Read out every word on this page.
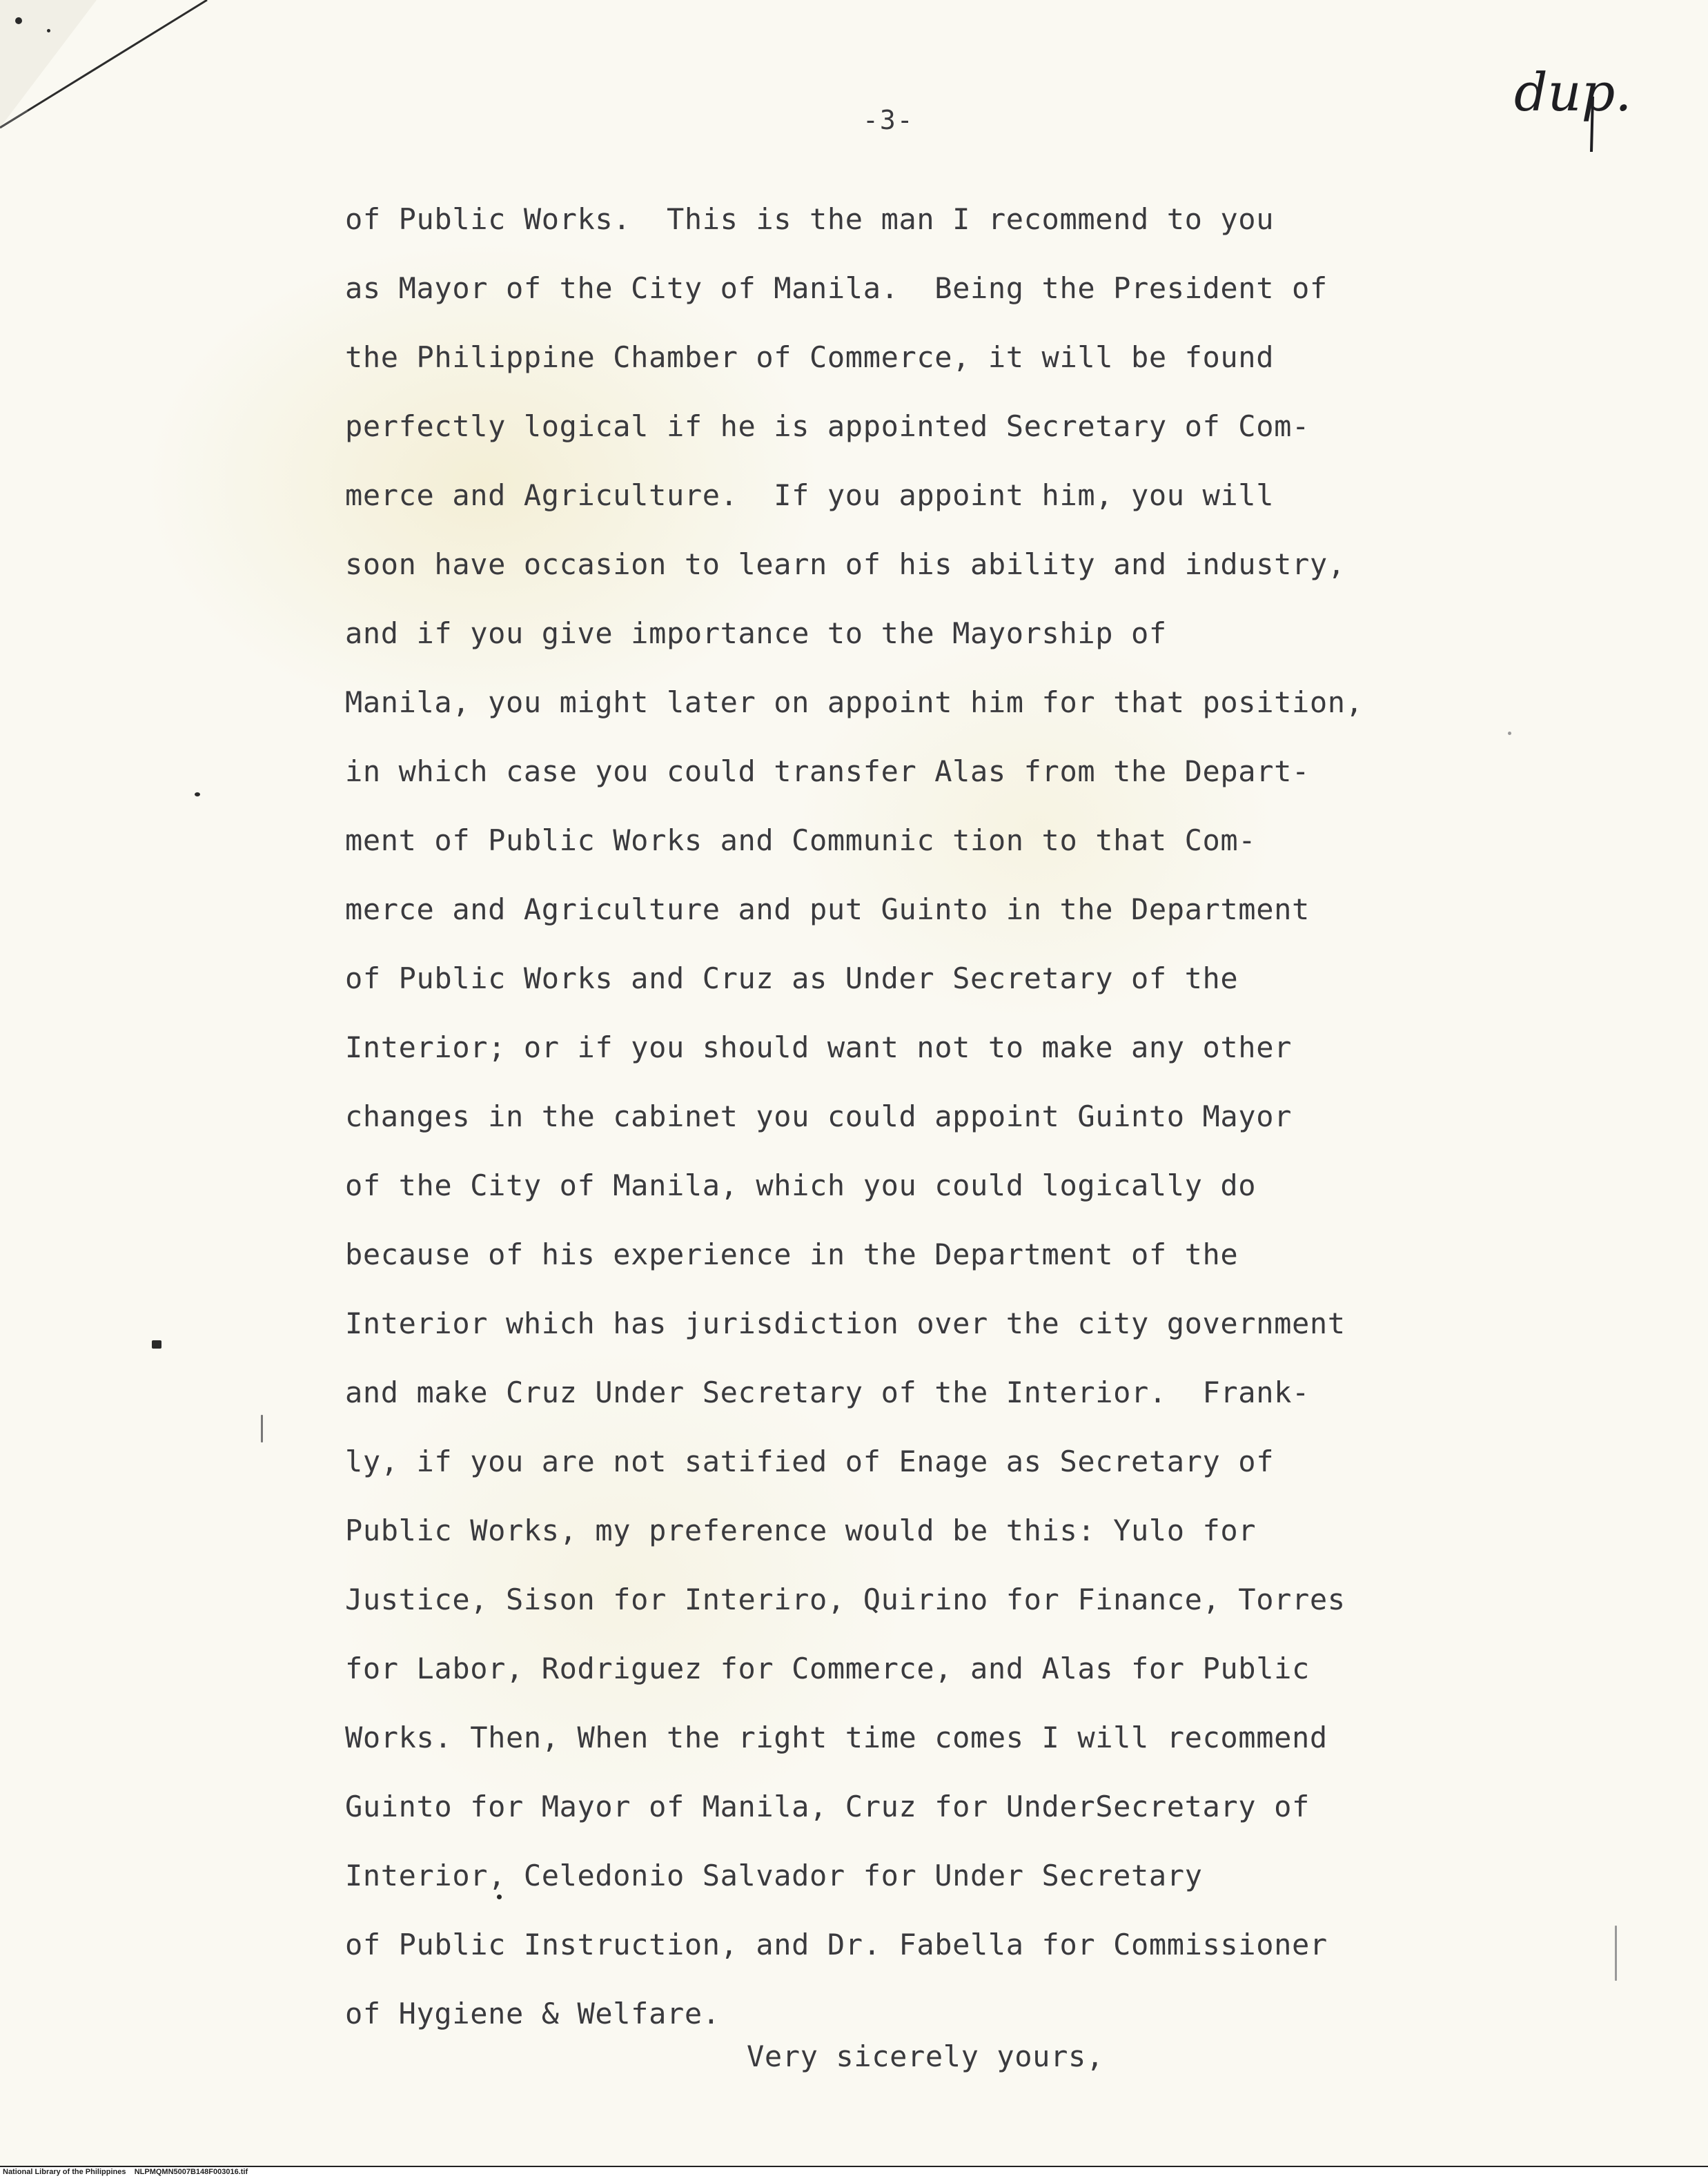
-3-	dup.
of Public Works.  This is the man I recommend to you
as Mayor of the City of Manila.  Being the President of
the Philippine Chamber of Commerce, it will be found
perfectly logical if he is appointed Secretary of Com-
merce and Agriculture.  If you appoint him, you will
soon have occasion to learn of his ability and industry,
and if you give importance to the Mayorship of
Manila, you might later on appoint him for that position,
in which case you could transfer Alas from the Depart-
ment of Public Works and Communic tion to that Com-
merce and Agriculture and put Guinto in the Department
of Public Works and Cruz as Under Secretary of the
Interior; or if you should want not to make any other
changes in the cabinet you could appoint Guinto Mayor
of the City of Manila, which you could logically do
because of his experience in the Department of the
Interior which has jurisdiction over the city government
and make Cruz Under Secretary of the Interior.  Frank-
ly, if you are not satified of Enage as Secretary of
Public Works, my preference would be this: Yulo for
Justice, Sison for Interiro, Quirino for Finance, Torres
for Labor, Rodriguez for Commerce, and Alas for Public
Works. Then, When the right time comes I will recommend
Guinto for Mayor of Manila, Cruz for UnderSecretary of
Interior, Celedonio Salvador for Under Secretary
of Public Instruction, and Dr. Fabella for Commissioner
of Hygiene & Welfare.
Very sicerely yours,
National Library of the Philippines    NLPMQMN5007B148F003016.tif
